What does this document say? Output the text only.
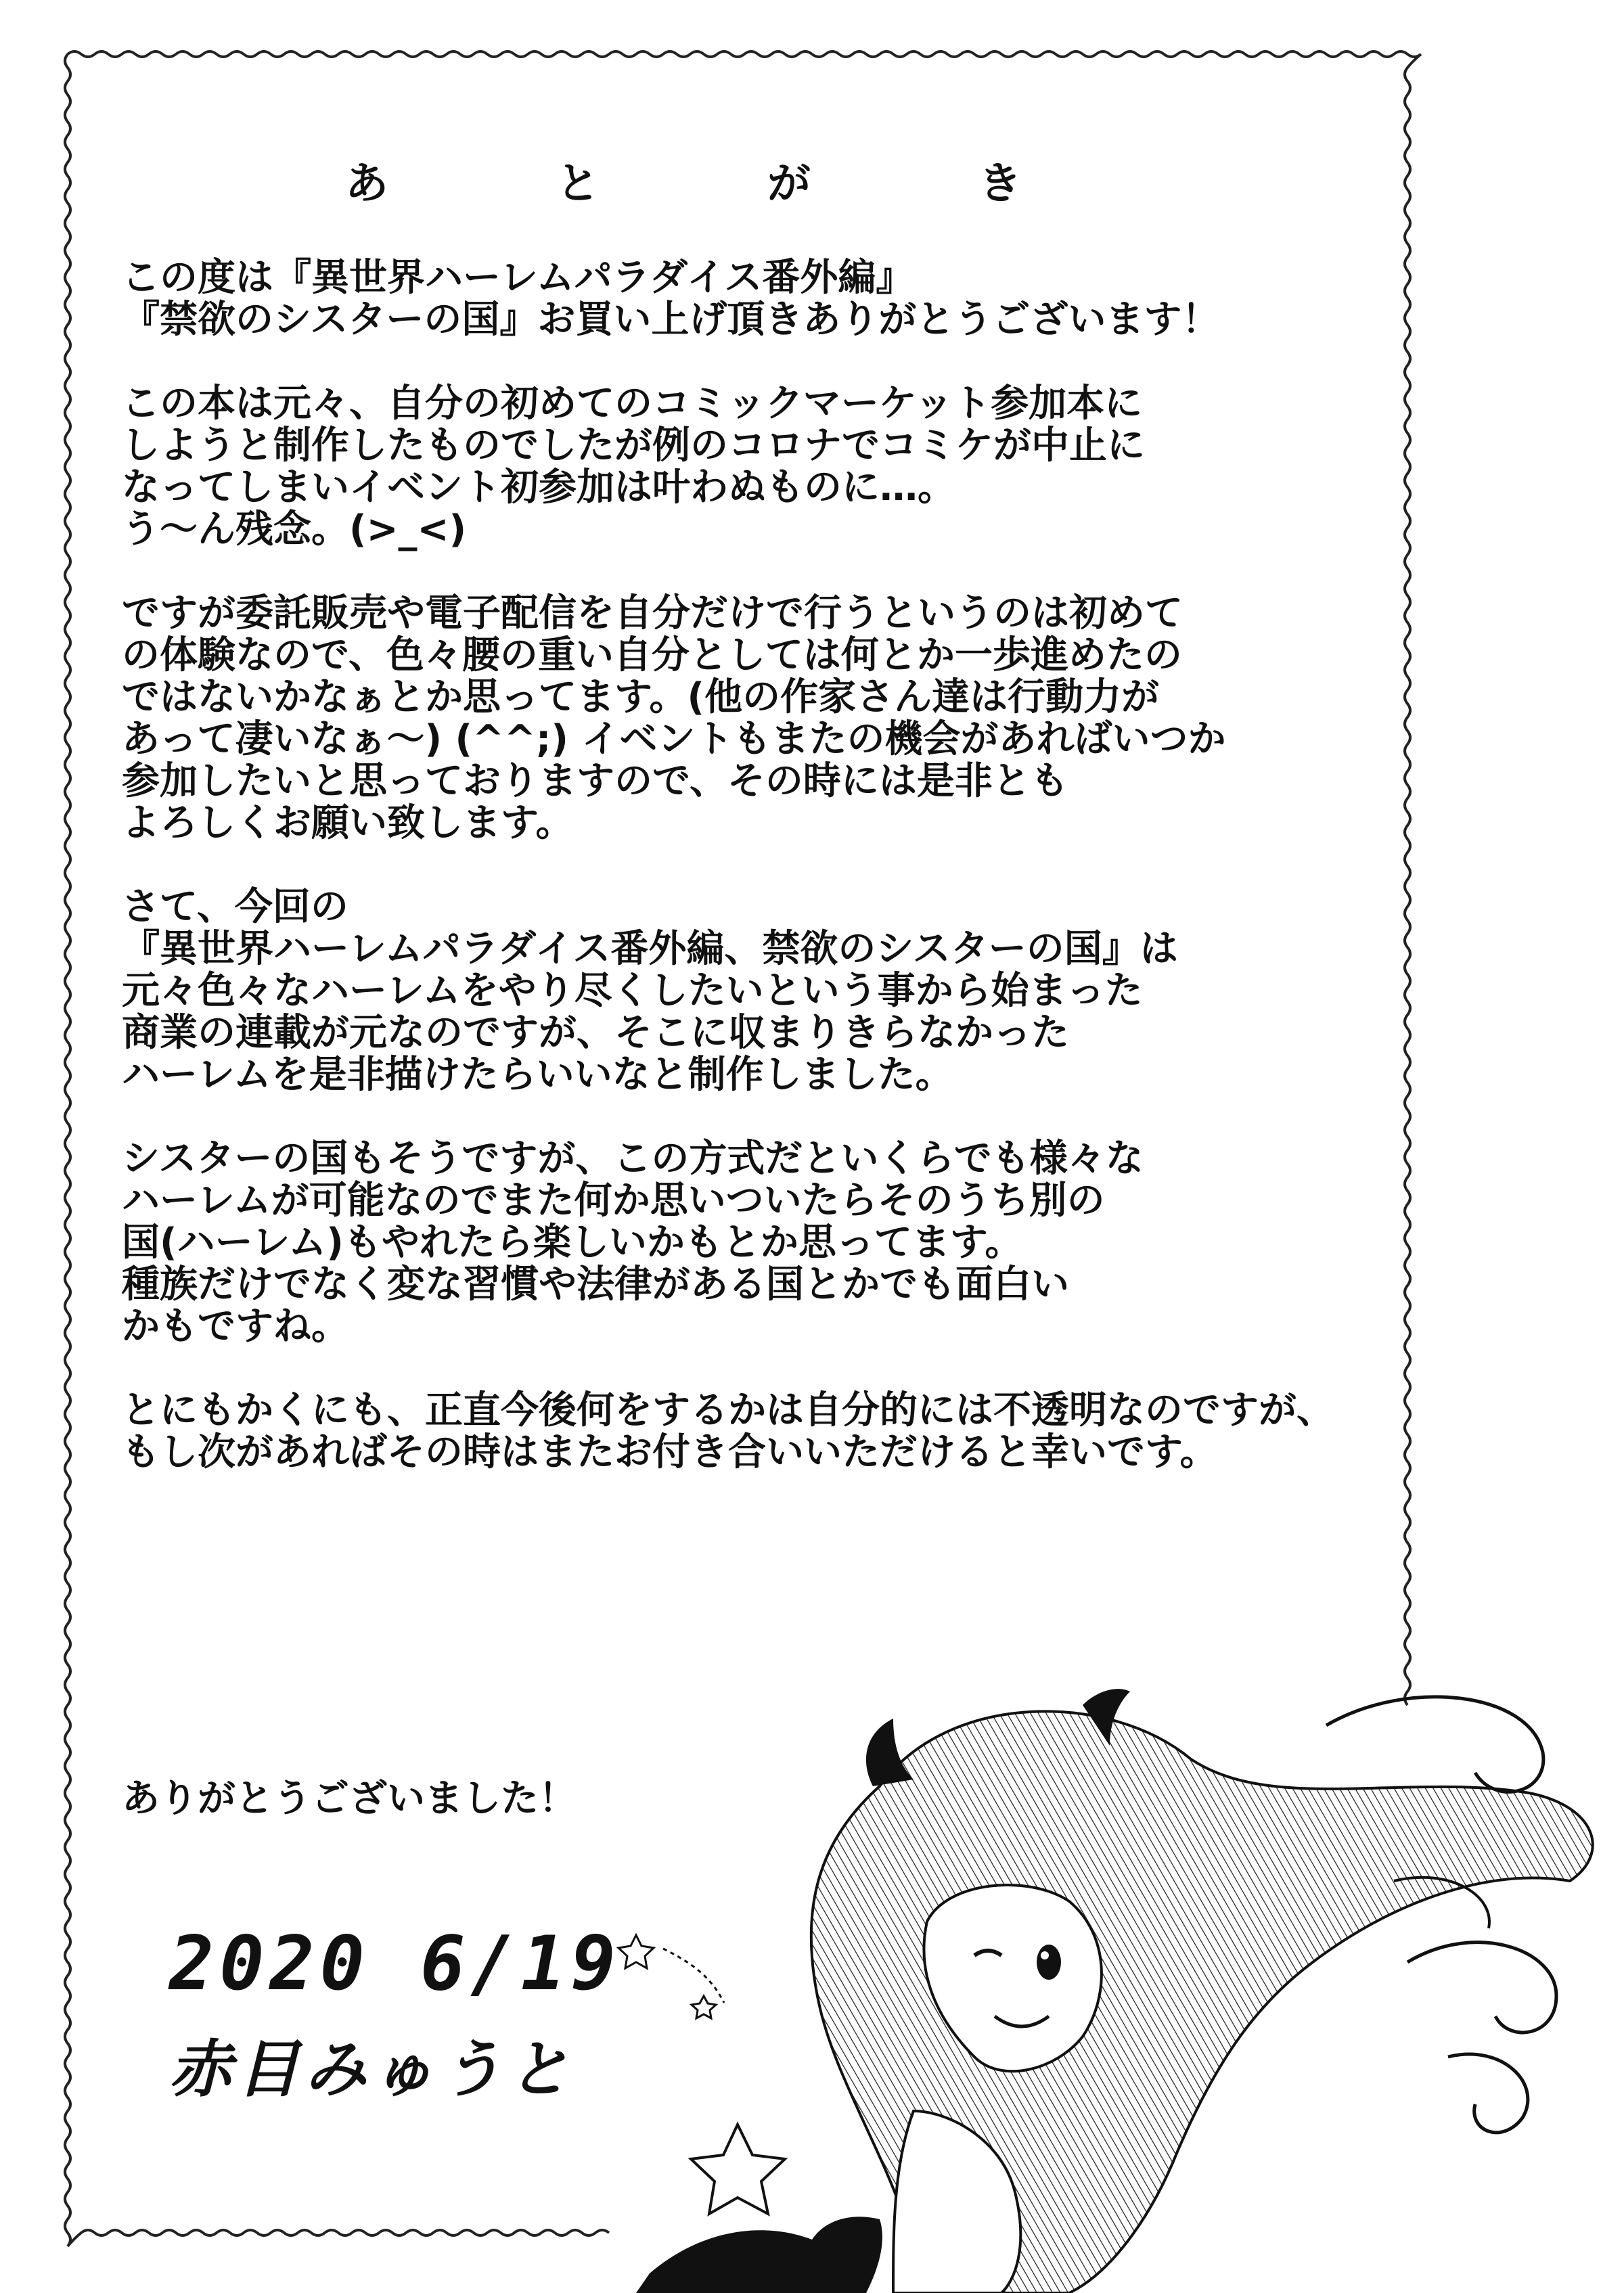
あ	と	が	き

この度は『異世界ハーレムパラダイス番外編』
『禁欲のシスターの国』お買い上げ頂きありがとうございます！

この本は元々、自分の初めてのコミックマーケット参加本に
しようと制作したものでしたが例のコロナでコミケが中止に
なってしまいイベント初参加は叶わぬものに…。
う～ん残念。(>_<)

ですが委託販売や電子配信を自分だけで行うというのは初めて
の体験なので、色々腰の重い自分としては何とか一歩進めたの
ではないかなぁとか思ってます。(他の作家さん達は行動力が
あって凄いなぁ～) (^^;) イベントもまたの機会があればいつか
参加したいと思っておりますので、その時には是非とも
よろしくお願い致します。

さて、今回の
『異世界ハーレムパラダイス番外編、禁欲のシスターの国』は
元々色々なハーレムをやり尽くしたいという事から始まった
商業の連載が元なのですが、そこに収まりきらなかった
ハーレムを是非描けたらいいなと制作しました。

シスターの国もそうですが、この方式だといくらでも様々な
ハーレムが可能なのでまた何か思いついたらそのうち別の
国(ハーレム)もやれたら楽しいかもとか思ってます。
種族だけでなく変な習慣や法律がある国とかでも面白い
かもですね。

とにもかくにも、正直今後何をするかは自分的には不透明なのですが、
もし次があればその時はまたお付き合いいただけると幸いです。

ありがとうございました！
2020 6/19
赤目みゅうと
